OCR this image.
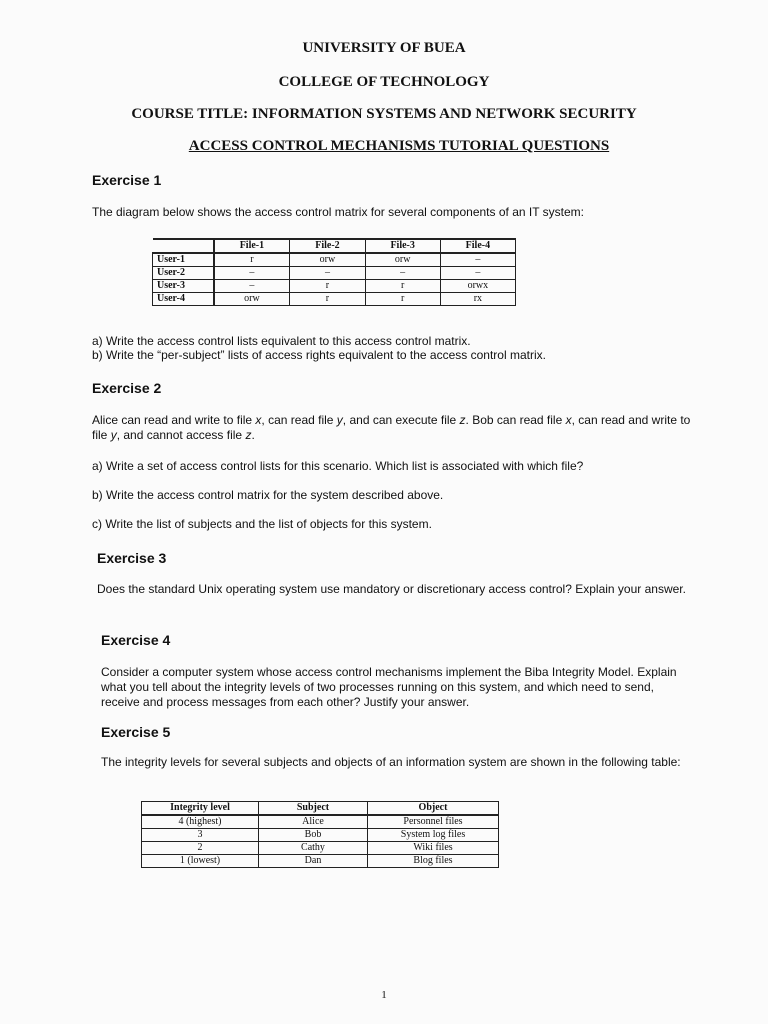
UNIVERSITY OF BUEA
COLLEGE OF TECHNOLOGY
COURSE TITLE: INFORMATION SYSTEMS AND NETWORK SECURITY
ACCESS CONTROL MECHANISMS TUTORIAL QUESTIONS
Exercise 1
The diagram below shows the access control matrix for several components of an IT system:
	File-1	File-2	File-3	File-4
User-1	r	orw	orw	–
User-2	–	–	–	–
User-3	–	r	r	orwx
User-4	orw	r	r	rx
a) Write the access control lists equivalent to this access control matrix.
b) Write the “per-subject” lists of access rights equivalent to the access control matrix.
Exercise 2
Alice can read and write to file x, can read file y, and can execute file z. Bob can read file x, can read and write to file y, and cannot access file z.
a) Write a set of access control lists for this scenario. Which list is associated with which file?
b) Write the access control matrix for the system described above.
c) Write the list of subjects and the list of objects for this system.
Exercise 3
Does the standard Unix operating system use mandatory or discretionary access control? Explain your answer.
Exercise 4
Consider a computer system whose access control mechanisms implement the Biba Integrity Model. Explain what you tell about the integrity levels of two processes running on this system, and which need to send, receive and process messages from each other? Justify your answer.
Exercise 5
The integrity levels for several subjects and objects of an information system are shown in the following table:
Integrity level	Subject	Object
4 (highest)	Alice	Personnel files
3	Bob	System log files
2	Cathy	Wiki files
1 (lowest)	Dan	Blog files
1
